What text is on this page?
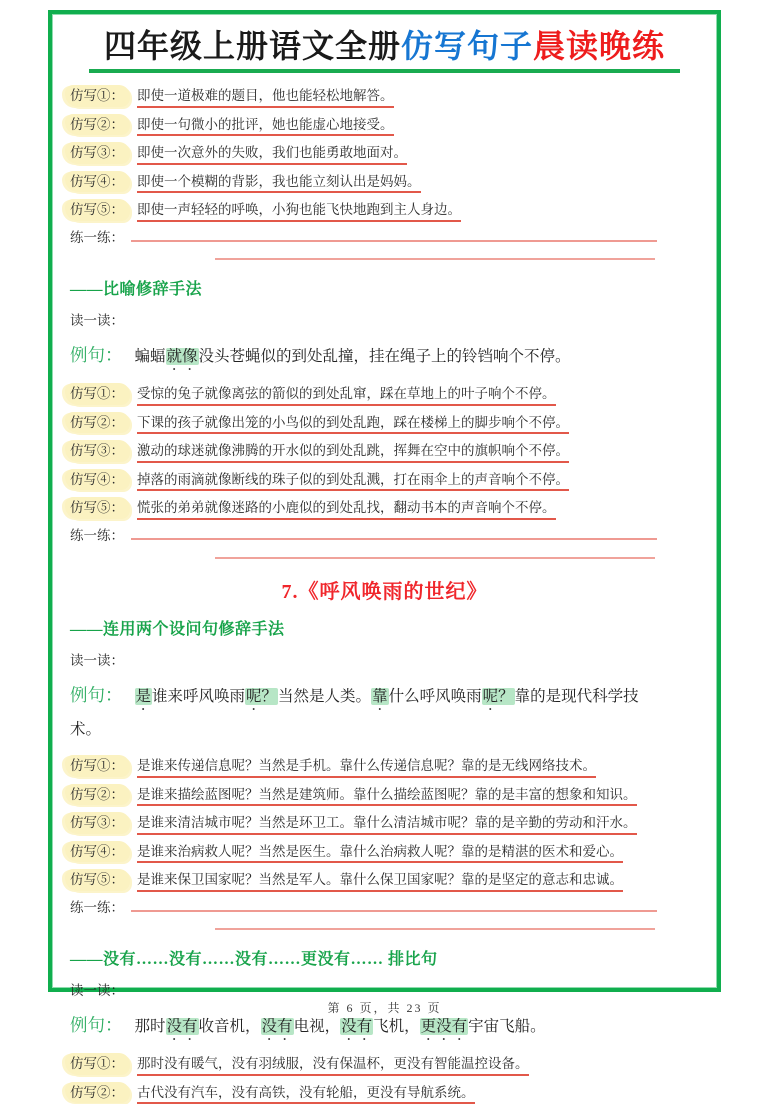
四年级上册语文全册仿写句子晨读晚练
仿写①： 即使一道极难的题目，他也能轻松地解答。
仿写②： 即使一句微小的批评，她也能虚心地接受。
仿写③： 即使一次意外的失败，我们也能勇敢地面对。
仿写④： 即使一个模糊的背影，我也能立刻认出是妈妈。
仿写⑤： 即使一声轻轻的呼唤，小狗也能飞快地跑到主人身边。
练一练：
——比喻修辞手法
读一读：

例句： 蝙蝠就像没头苍蝇似的到处乱撞，挂在绳子上的铃铛响个不停。

仿写①： 受惊的兔子就像离弦的箭似的到处乱窜，踩在草地上的叶子响个不停。
仿写②： 下课的孩子就像出笼的小鸟似的到处乱跑，踩在楼梯上的脚步响个不停。
仿写③： 激动的球迷就像沸腾的开水似的到处乱跳，挥舞在空中的旗帜响个不停。
仿写④： 掉落的雨滴就像断线的珠子似的到处乱溅，打在雨伞上的声音响个不停。
仿写⑤： 慌张的弟弟就像迷路的小鹿似的到处乱找，翻动书本的声音响个不停。
练一练：
7.《呼风唤雨的世纪》
——连用两个设问句修辞手法
读一读：

例句： 是谁来呼风唤雨呢？当然是人类。靠什么呼风唤雨呢？靠的是现代科学技
术。

仿写①： 是谁来传递信息呢？当然是手机。靠什么传递信息呢？靠的是无线网络技术。
仿写②： 是谁来描绘蓝图呢？当然是建筑师。靠什么描绘蓝图呢？靠的是丰富的想象和知识。
仿写③： 是谁来清洁城市呢？当然是环卫工。靠什么清洁城市呢？靠的是辛勤的劳动和汗水。
仿写④： 是谁来治病救人呢？当然是医生。靠什么治病救人呢？靠的是精湛的医术和爱心。
仿写⑤： 是谁来保卫国家呢？当然是军人。靠什么保卫国家呢？靠的是坚定的意志和忠诚。
练一练：
——没有……没有……没有……更没有…… 排比句
读一读：

例句： 那时没有收音机，没有电视，没有飞机，更没有宇宙飞船。

仿写①： 那时没有暖气，没有羽绒服，没有保温杯，更没有智能温控设备。
仿写②： 古代没有汽车，没有高铁，没有轮船，更没有导航系统。
第 6 页，共 23 页
